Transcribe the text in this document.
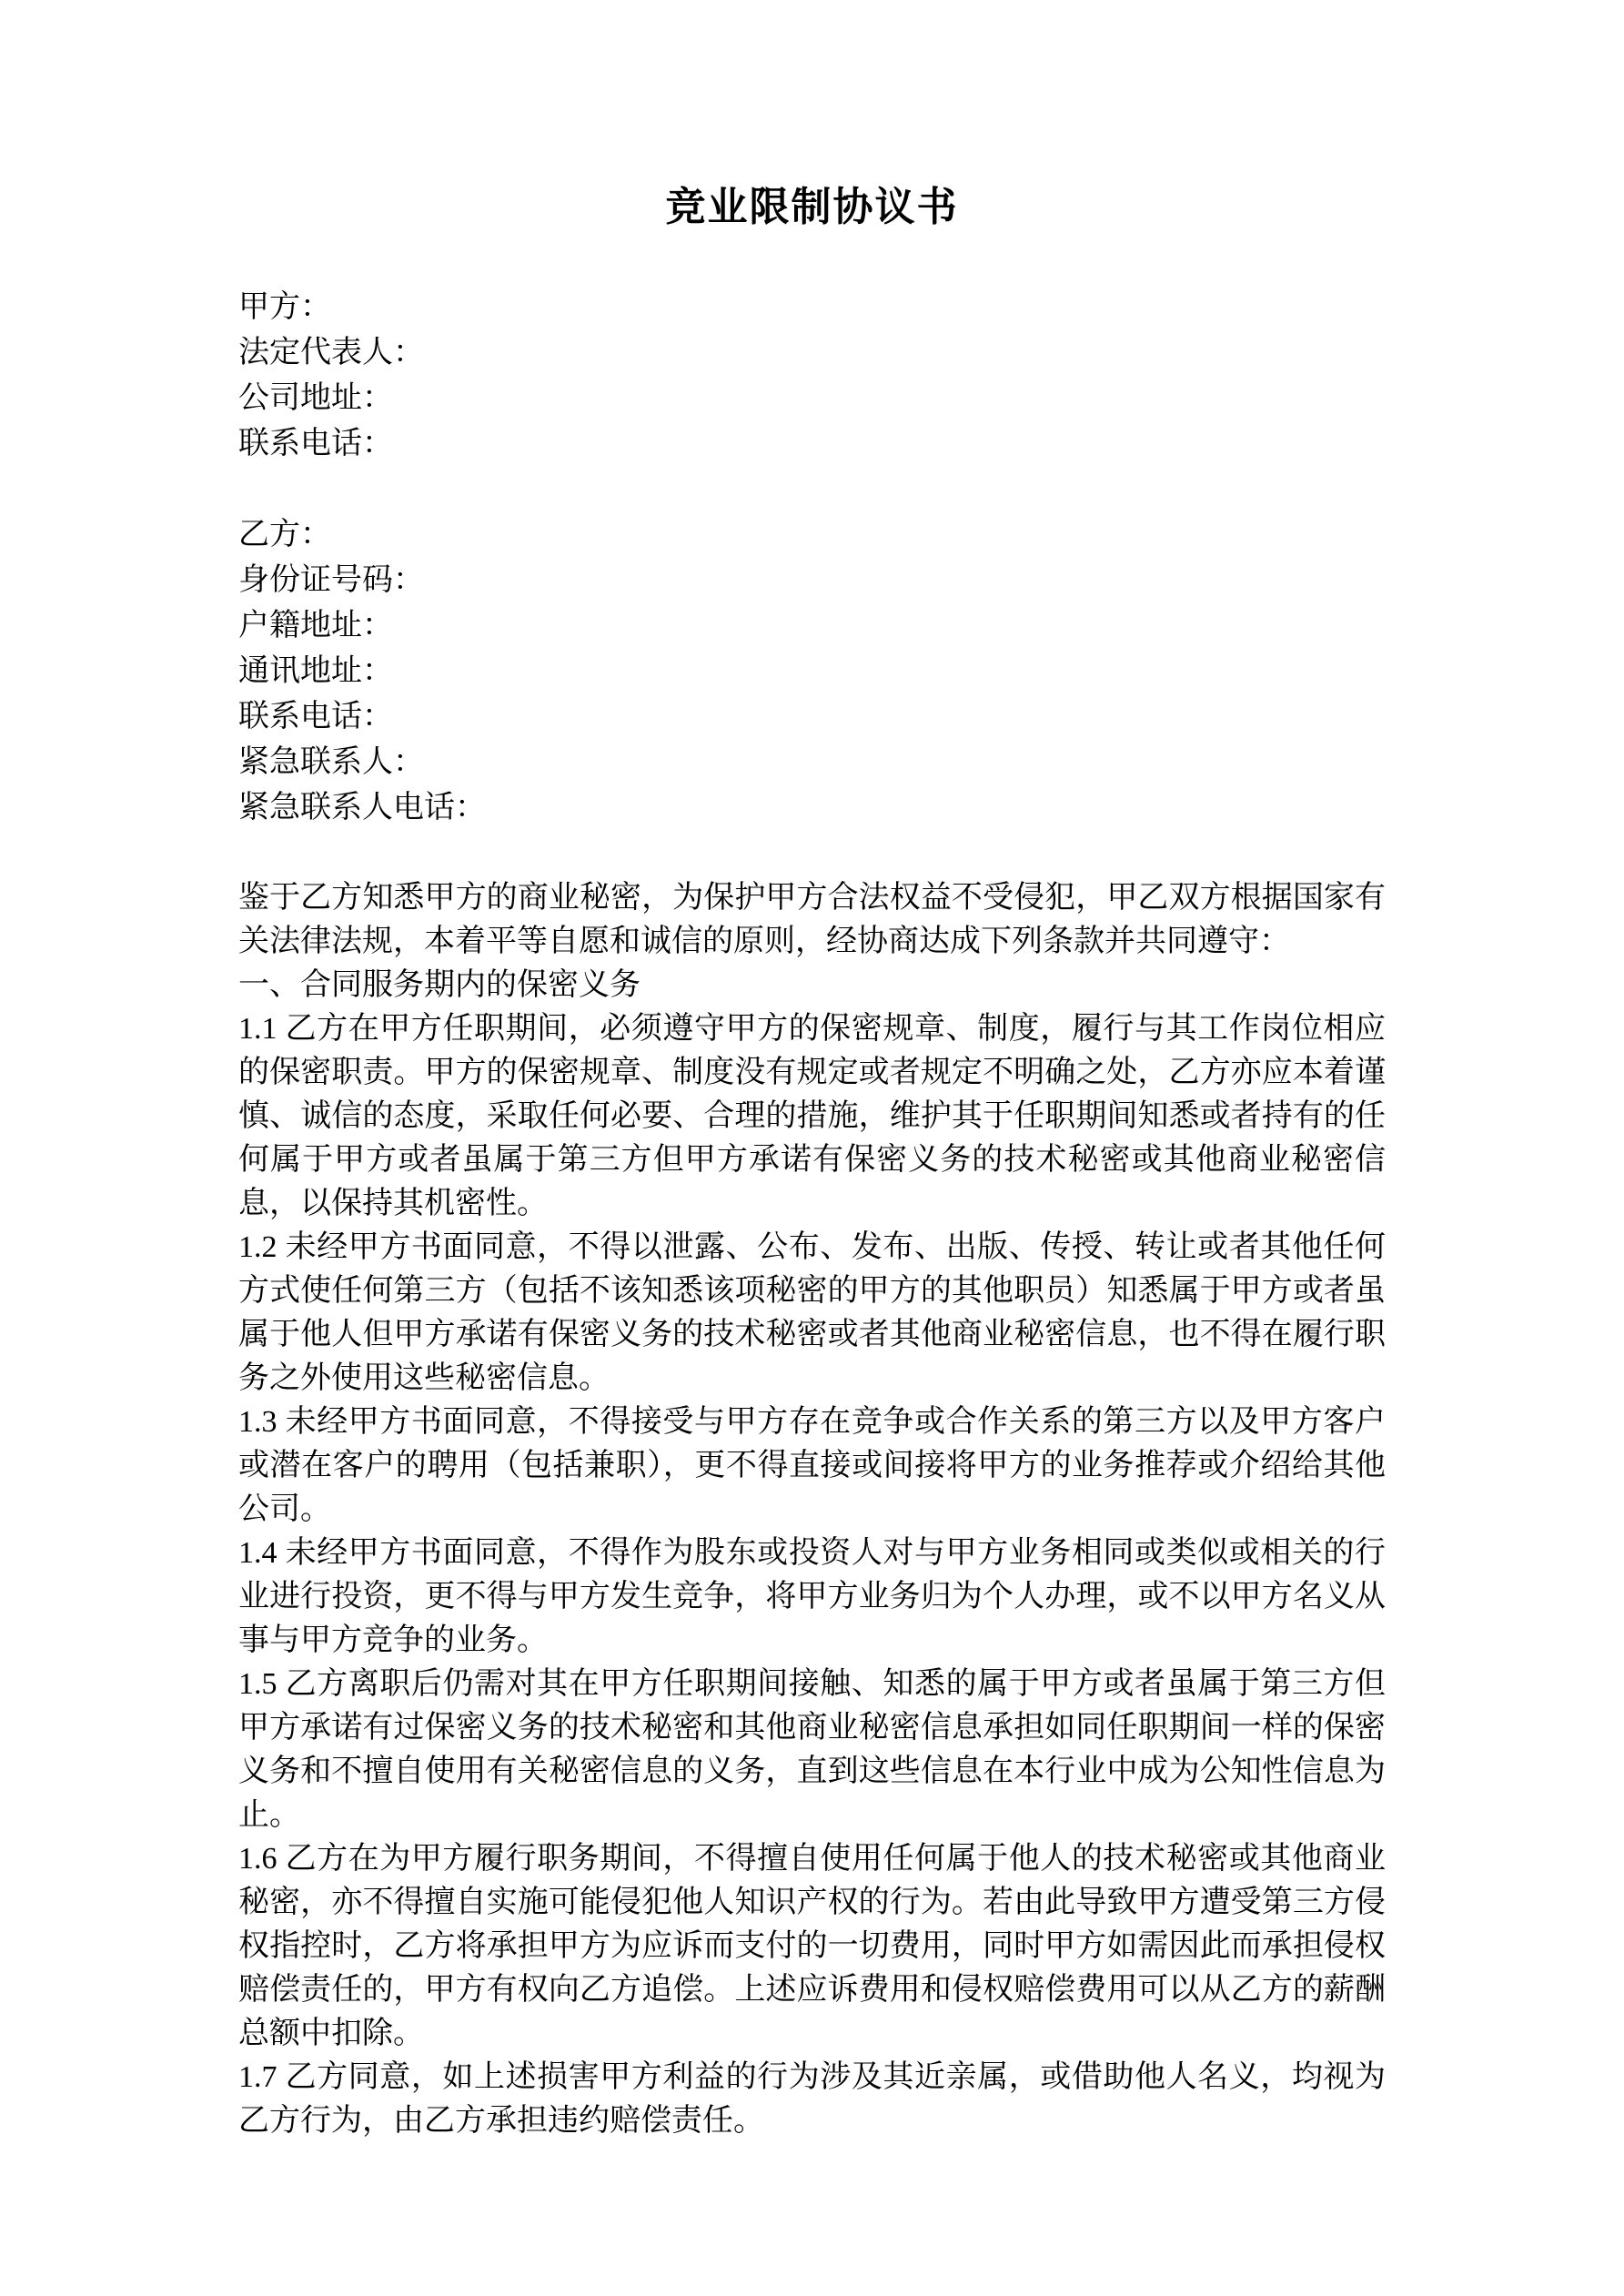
竞业限制协议书
甲方：
法定代表人：
公司地址：
联系电话：
乙方：
身份证号码：
户籍地址：
通讯地址：
联系电话：
紧急联系人：
紧急联系人电话：

鉴于乙方知悉甲方的商业秘密，为保护甲方合法权益不受侵犯，甲乙双方根据国家有关法律法规，本着平等自愿和诚信的原则，经协商达成下列条款并共同遵守：

一、合同服务期内的保密义务

1.1 乙方在甲方任职期间，必须遵守甲方的保密规章、制度，履行与其工作岗位相应的保密职责。甲方的保密规章、制度没有规定或者规定不明确之处，乙方亦应本着谨慎、诚信的态度，采取任何必要、合理的措施，维护其于任职期间知悉或者持有的任何属于甲方或者虽属于第三方但甲方承诺有保密义务的技术秘密或其他商业秘密信息，以保持其机密性。

1.2 未经甲方书面同意，不得以泄露、公布、发布、出版、传授、转让或者其他任何方式使任何第三方（包括不该知悉该项秘密的甲方的其他职员）知悉属于甲方或者虽属于他人但甲方承诺有保密义务的技术秘密或者其他商业秘密信息，也不得在履行职务之外使用这些秘密信息。

1.3 未经甲方书面同意，不得接受与甲方存在竞争或合作关系的第三方以及甲方客户或潜在客户的聘用（包括兼职），更不得直接或间接将甲方的业务推荐或介绍给其他公司。

1.4 未经甲方书面同意，不得作为股东或投资人对与甲方业务相同或类似或相关的行业进行投资，更不得与甲方发生竞争，将甲方业务归为个人办理，或不以甲方名义从事与甲方竞争的业务。

1.5 乙方离职后仍需对其在甲方任职期间接触、知悉的属于甲方或者虽属于第三方但甲方承诺有过保密义务的技术秘密和其他商业秘密信息承担如同任职期间一样的保密义务和不擅自使用有关秘密信息的义务，直到这些信息在本行业中成为公知性信息为止。

1.6 乙方在为甲方履行职务期间，不得擅自使用任何属于他人的技术秘密或其他商业秘密，亦不得擅自实施可能侵犯他人知识产权的行为。若由此导致甲方遭受第三方侵权指控时，乙方将承担甲方为应诉而支付的一切费用，同时甲方如需因此而承担侵权赔偿责任的，甲方有权向乙方追偿。上述应诉费用和侵权赔偿费用可以从乙方的薪酬总额中扣除。

1.7 乙方同意，如上述损害甲方利益的行为涉及其近亲属，或借助他人名义，均视为乙方行为，由乙方承担违约赔偿责任。
